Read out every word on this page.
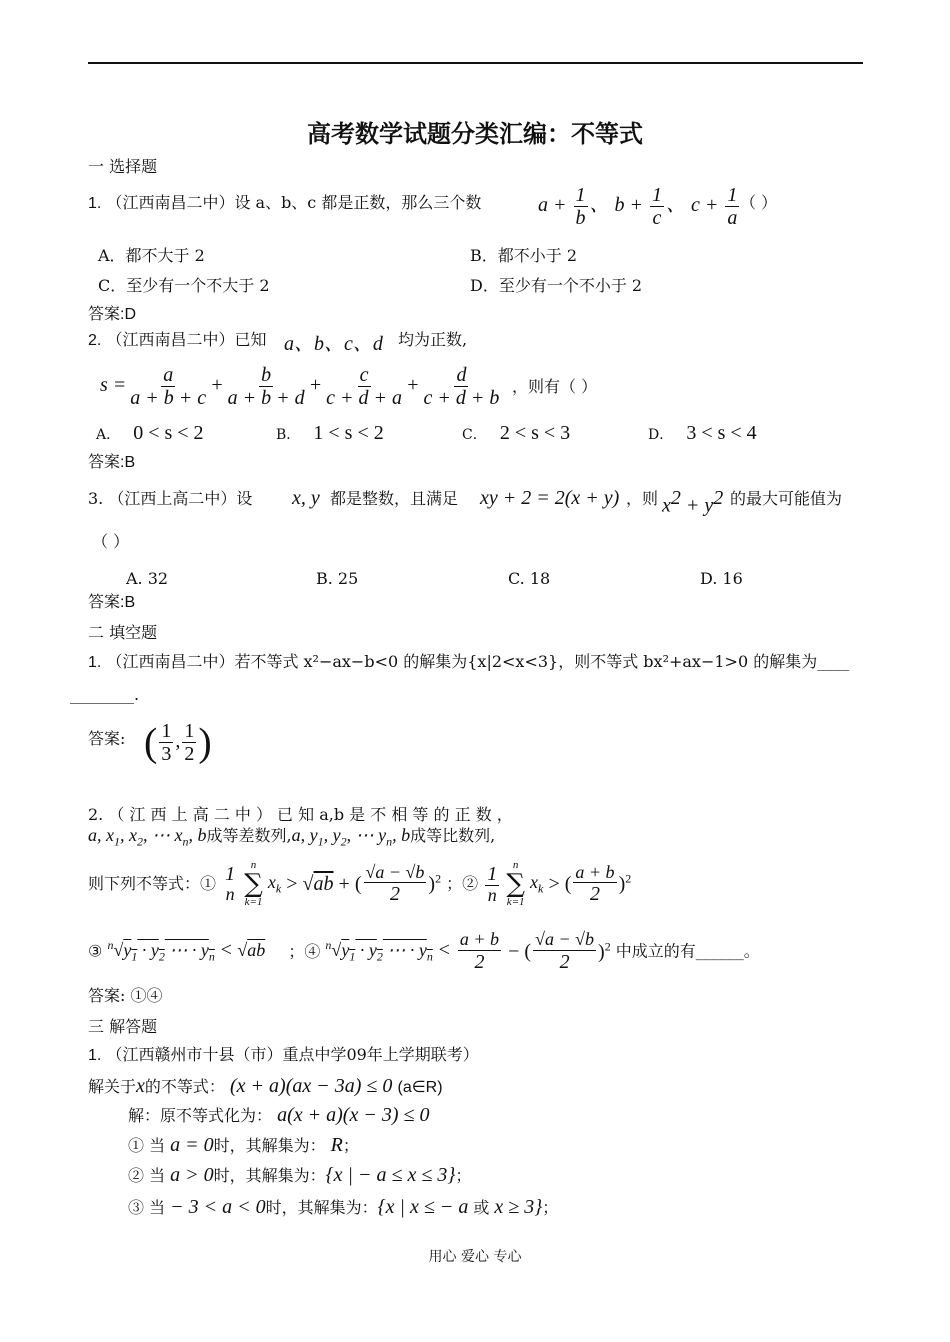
高考数学试题分类汇编：不等式
一 选择题
1. （江西南昌二中）设 a、b、c 都是正数，那么三个数	$a + \frac{1}{b}$ 、 $b + \frac{1}{c}$ 、 $c + \frac{1}{a}$ （ ）
A．都不大于 2	B．都不小于 2
C．至少有一个不大于 2	D．至少有一个不小于 2
答案:D
2. （江西南昌二中）已知 a、b、c、d 均为正数,
$s = \frac{a}{a + b + c} + \frac{b}{a + b + d} + \frac{c}{c + d + a} + \frac{d}{c + d + b}$ ，则有（ ）
A． 0 < s < 2	B． 1 < s < 2	C． 2 < s < 3	D． 3 < s < 4
答案:B
3. （江西上高二中）设 x, y 都是整数，且满足 xy + 2 = 2(x + y) ，则 $x^2 + y^2$ 的最大可能值为
（ ）
A. 32	B. 25	C. 18	D. 16
答案:B
二 填空题
1. （江西南昌二中）若不等式 x²−ax−b<0 的解集为{x|2<x<3}，则不等式 bx²+ax−1>0 的解集为____
________.
答案: ( $\frac{1}{3}$ , $\frac{1}{2}$ )
2. （ 江 西 上 高 二 中 ） 已 知 a,b 是 不 相 等 的 正 数 ，
a, $x_1$, $x_2$, ⋯ $x_n$, b成等差数列,a, $y_1$, $y_2$, ⋯ $y_n$, b成等比数列,
则下列不等式：① 1
n

n
∑
k=1
$x_k > √ab$ + ( $\frac{√a - √b}{2} )^2$ ；② $\frac{1}{n}$
n
∑
k=1
$x_k$ > ( $\frac{a + b}{2} )^2$
③ $^n√y_1 \cdot y_2$ ⋯ · $y_n < √ab$ ；④ $^n√y_1 \cdot y_2$ ⋯ · $y_n < \frac{a + b}{2}$ − ( $\frac{√a - √b}{2} )^2$ 中成立的有______。
答案: ①④
三 解答题
1. （江西赣州市十县（市）重点中学09年上学期联考）
解关于x的不等式： (x + a)(ax − 3a) ≤ 0 (a∈R)
解：原不等式化为： a(x + a)(x − 3) ≤ 0
① 当 a = 0时，其解集为： R；
② 当 a > 0时，其解集为：{x | − a ≤ x ≤ 3}；
③ 当 − 3 < a < 0时，其解集为：{x | x ≤ − a 或 x ≥ 3}；
用心 爱心 专心
